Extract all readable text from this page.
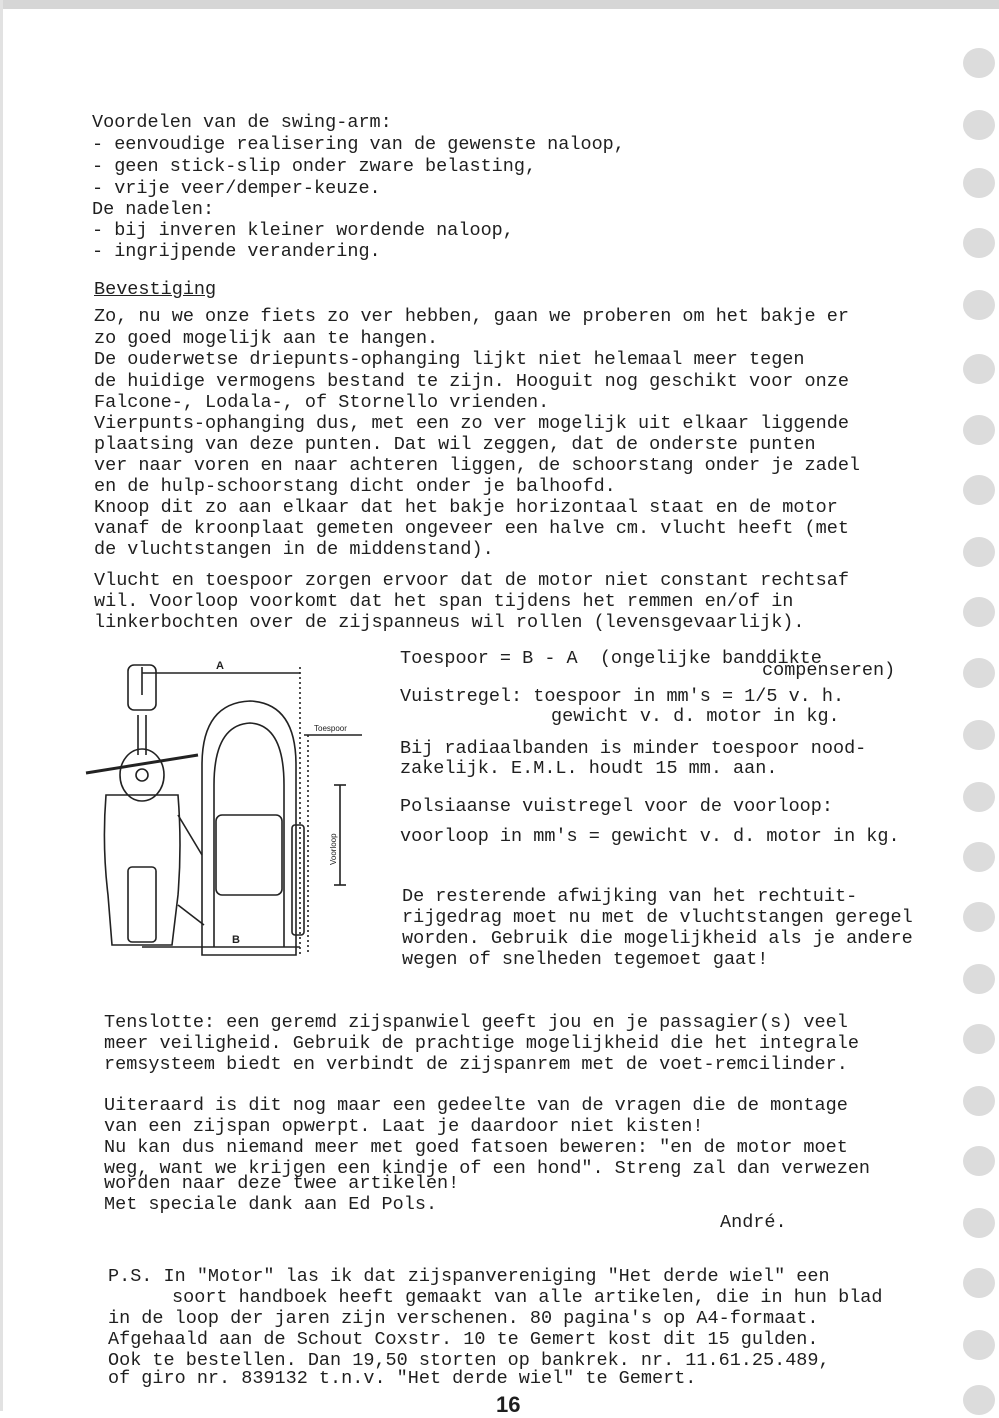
Voordelen van de swing-arm:
- eenvoudige realisering van de gewenste naloop,
- geen stick-slip onder zware belasting,
- vrije veer/demper-keuze.
De nadelen:
- bij inveren kleiner wordende naloop,
- ingrijpende verandering.
Bevestiging
Zo, nu we onze fiets zo ver hebben, gaan we proberen om het bakje er
zo goed mogelijk aan te hangen.
De ouderwetse driepunts-ophanging lijkt niet helemaal meer tegen
de huidige vermogens bestand te zijn. Hooguit nog geschikt voor onze
Falcone-, Lodala-, of Stornello vrienden.
Vierpunts-ophanging dus, met een zo ver mogelijk uit elkaar liggende
plaatsing van deze punten. Dat wil zeggen, dat de onderste punten
ver naar voren en naar achteren liggen, de schoorstang onder je zadel
en de hulp-schoorstang dicht onder je balhoofd.
Knoop dit zo aan elkaar dat het bakje horizontaal staat en de motor
vanaf de kroonplaat gemeten ongeveer een halve cm. vlucht heeft (met
de vluchtstangen in de middenstand).
Vlucht en toespoor zorgen ervoor dat de motor niet constant rechtsaf
wil. Voorloop voorkomt dat het span tijdens het remmen en/of in
linkerbochten over de zijspanneus wil rollen (levensgevaarlijk).
A
B
Toespoor
Voorloop
Toespoor = B - A  (ongelijke banddikte
compenseren)
Vuistregel: toespoor in mm's = 1/5 v. h.
gewicht v. d. motor in kg.
Bij radiaalbanden is minder toespoor nood-
zakelijk. E.M.L. houdt 15 mm. aan.
Polsiaanse vuistregel voor de voorloop:
voorloop in mm's = gewicht v. d. motor in kg.
De resterende afwijking van het rechtuit-
rijgedrag moet nu met de vluchtstangen geregel
worden. Gebruik die mogelijkheid als je andere
wegen of snelheden tegemoet gaat!
Tenslotte: een geremd zijspanwiel geeft jou en je passagier(s) veel
meer veiligheid. Gebruik de prachtige mogelijkheid die het integrale
remsysteem biedt en verbindt de zijspanrem met de voet-remcilinder.
Uiteraard is dit nog maar een gedeelte van de vragen die de montage
van een zijspan opwerpt. Laat je daardoor niet kisten!
Nu kan dus niemand meer met goed fatsoen beweren: "en de motor moet
weg, want we krijgen een kindje of een hond". Streng zal dan verwezen
worden naar deze twee artikelen!
Met speciale dank aan Ed Pols.
André.
P.S. In "Motor" las ik dat zijspanvereniging "Het derde wiel" een
soort handboek heeft gemaakt van alle artikelen, die in hun blad
in de loop der jaren zijn verschenen. 80 pagina's op A4-formaat.
Afgehaald aan de Schout Coxstr. 10 te Gemert kost dit 15 gulden.
Ook te bestellen. Dan 19,50 storten op bankrek. nr. 11.61.25.489,
of giro nr. 839132 t.n.v. "Het derde wiel" te Gemert.
16
